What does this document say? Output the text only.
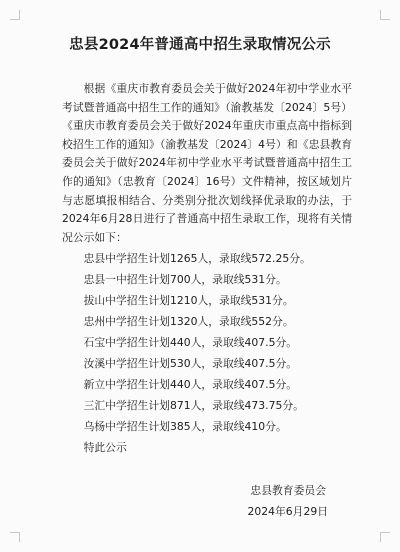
忠县2024年普通高中招生录取情况公示

根据《重庆市教育委员会关于做好2024年初中学业水平考试暨普通高中招生工作的通知》（渝教基发〔2024〕5号）《重庆市教育委员会关于做好2024年重庆市重点高中指标到校招生工作的通知》（渝教基发〔2024〕4号）和《忠县教育委员会关于做好2024年初中学业水平考试暨普通高中招生工作的通知》（忠教育〔2024〕16号）文件精神，按区域划片与志愿填报相结合、分类别分批次划线择优录取的办法，于2024年6月28日进行了普通高中招生录取工作，现将有关情况公示如下：

忠县中学招生计划1265人，录取线572.25分。
忠县一中招生计划700人，录取线531分。
拔山中学招生计划1210人，录取线531分。
忠州中学招生计划1320人，录取线552分。
石宝中学招生计划440人，录取线407.5分。
汝溪中学招生计划530人，录取线407.5分。
新立中学招生计划440人，录取线407.5分。
三汇中学招生计划871人，录取线473.75分。
乌杨中学招生计划385人，录取线410分。
特此公示
忠县教育委员会
2024年6月29日
